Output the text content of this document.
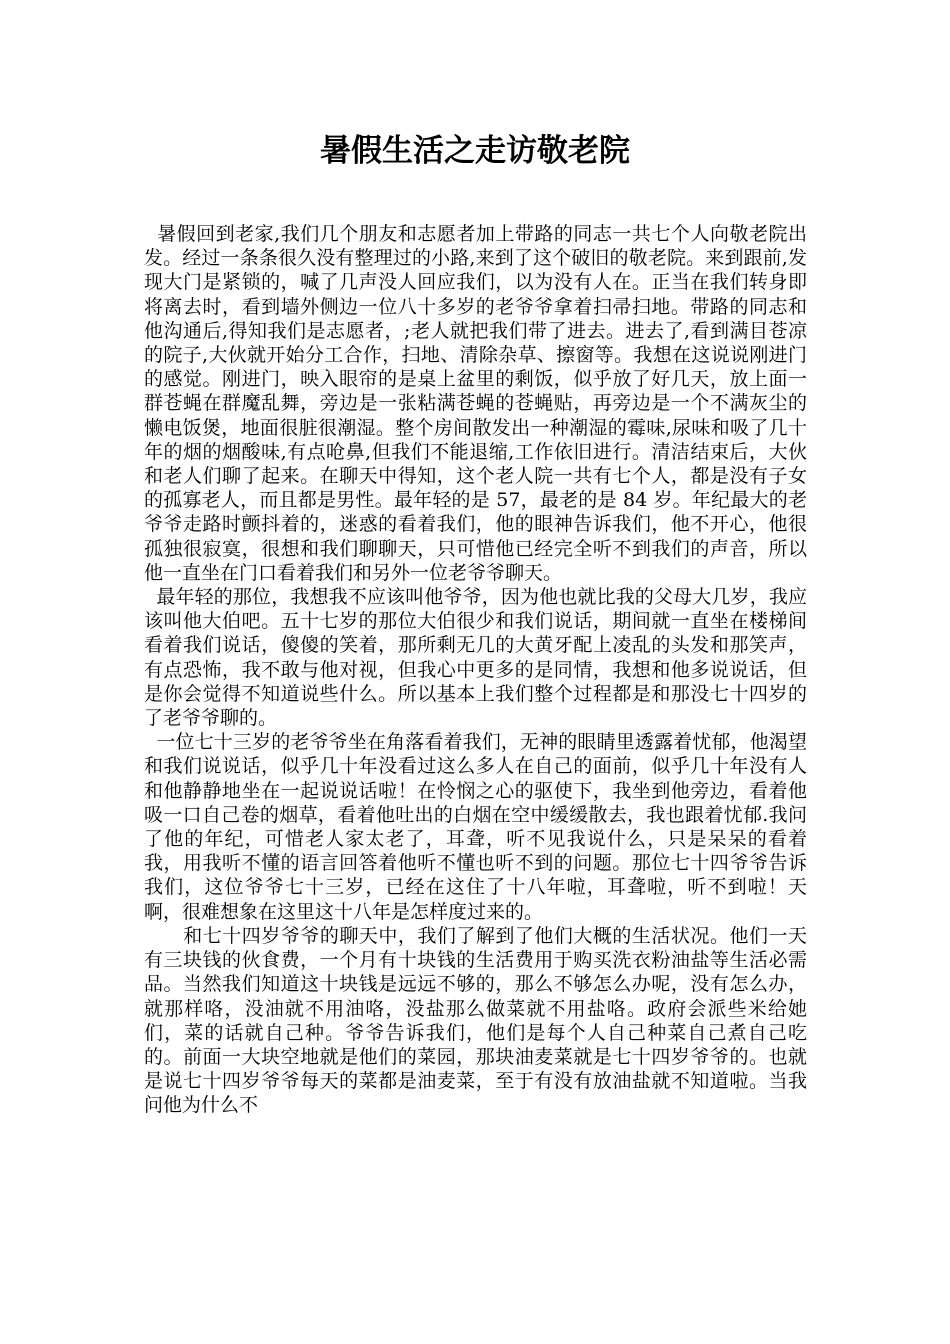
暑假生活之走访敬老院

暑假回到老家,我们几个朋友和志愿者加上带路的同志一共七个人向敬老院出发。经过一条条很久没有整理过的小路,来到了这个破旧的敬老院。来到跟前,发现大门是紧锁的，喊了几声没人回应我们，以为没有人在。正当在我们转身即将离去时，看到墙外侧边一位八十多岁的老爷爷拿着扫帚扫地。带路的同志和他沟通后,得知我们是志愿者，;老人就把我们带了进去。进去了,看到满目苍凉的院子,大伙就开始分工合作，扫地、清除杂草、擦窗等。我想在这说说刚进门的感觉。刚进门，映入眼帘的是桌上盆里的剩饭，似乎放了好几天，放上面一群苍蝇在群魔乱舞，旁边是一张粘满苍蝇的苍蝇贴，再旁边是一个不满灰尘的懒电饭煲，地面很脏很潮湿。整个房间散发出一种潮湿的霉味,尿味和吸了几十年的烟的烟酸味,有点呛鼻,但我们不能退缩,工作依旧进行。清洁结束后，大伙和老人们聊了起来。在聊天中得知，这个老人院一共有七个人，都是没有子女的孤寡老人，而且都是男性。最年轻的是 57，最老的是 84 岁。年纪最大的老爷爷走路时颤抖着的，迷惑的看着我们，他的眼神告诉我们，他不开心，他很孤独很寂寞，很想和我们聊聊天，只可惜他已经完全听不到我们的声音，所以他一直坐在门口看着我们和另外一位老爷爷聊天。

最年轻的那位，我想我不应该叫他爷爷，因为他也就比我的父母大几岁，我应该叫他大伯吧。五十七岁的那位大伯很少和我们说话，期间就一直坐在楼梯间看着我们说话，傻傻的笑着，那所剩无几的大黄牙配上凌乱的头发和那笑声，有点恐怖，我不敢与他对视，但我心中更多的是同情，我想和他多说说话，但是你会觉得不知道说些什么。所以基本上我们整个过程都是和那没七十四岁的了老爷爷聊的。

一位七十三岁的老爷爷坐在角落看着我们，无神的眼睛里透露着忧郁，他渴望和我们说说话，似乎几十年没看过这么多人在自己的面前，似乎几十年没有人和他静静地坐在一起说说话啦！在怜悯之心的驱使下，我坐到他旁边，看着他吸一口自己卷的烟草，看着他吐出的白烟在空中缓缓散去，我也跟着忧郁.我问了他的年纪，可惜老人家太老了，耳聋，听不见我说什么，只是呆呆的看着我，用我听不懂的语言回答着他听不懂也听不到的问题。那位七十四爷爷告诉我们，这位爷爷七十三岁，已经在这住了十八年啦，耳聋啦，听不到啦！天啊，很难想象在这里这十八年是怎样度过来的。

和七十四岁爷爷的聊天中，我们了解到了他们大概的生活状况。他们一天有三块钱的伙食费，一个月有十块钱的生活费用于购买洗衣粉油盐等生活必需品。当然我们知道这十块钱是远远不够的，那么不够怎么办呢，没有怎么办，就那样咯，没油就不用油咯，没盐那么做菜就不用盐咯。政府会派些米给她们，菜的话就自己种。爷爷告诉我们，他们是每个人自己种菜自己煮自己吃的。前面一大块空地就是他们的菜园，那块油麦菜就是七十四岁爷爷的。也就是说七十四岁爷爷每天的菜都是油麦菜，至于有没有放油盐就不知道啦。当我问他为什么不
